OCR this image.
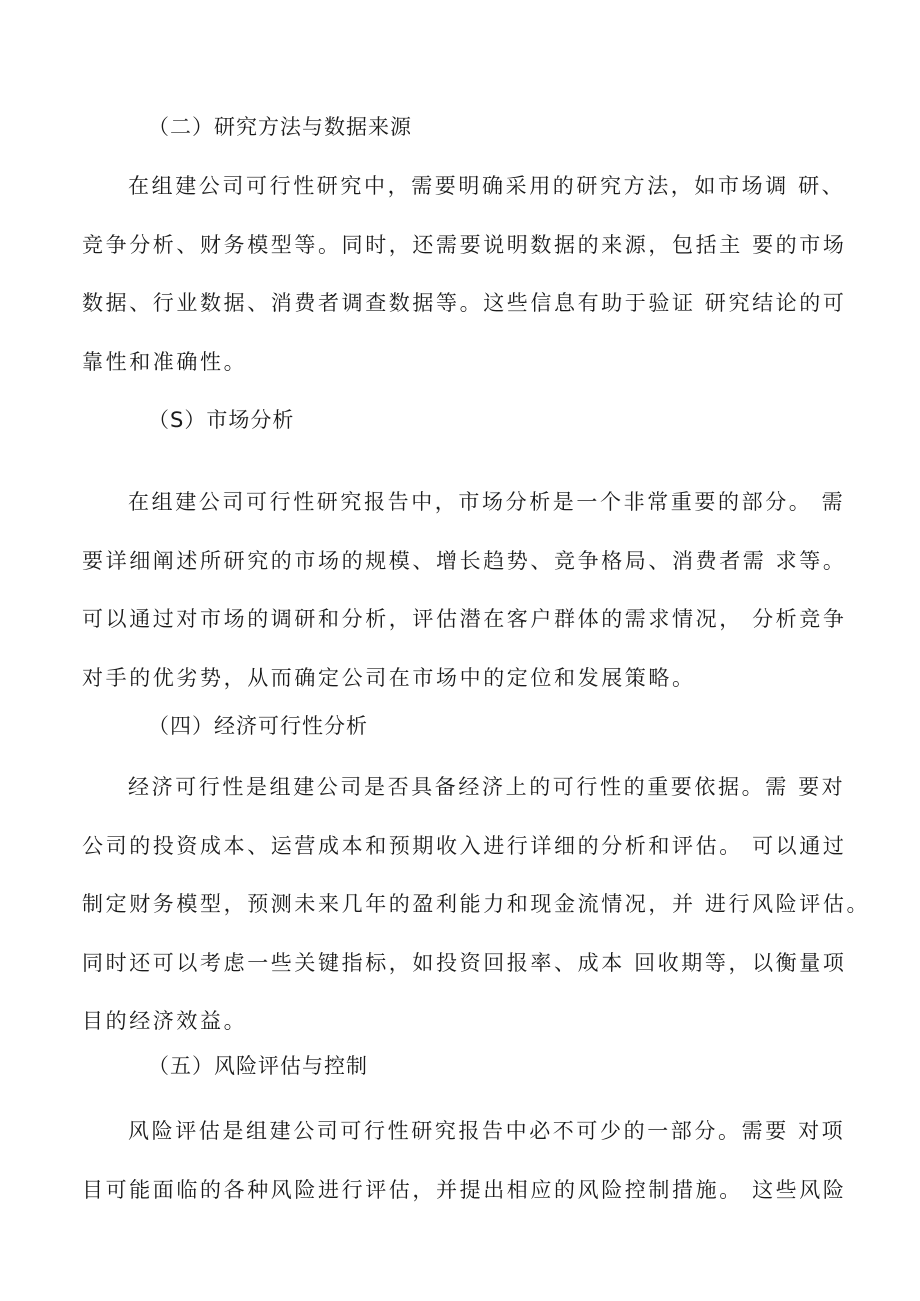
（二）研究方法与数据来源
在组建公司可行性研究中，需要明确采用的研究方法，如市场调 研、
竞争分析、财务模型等。同时，还需要说明数据的来源，包括主 要的市场
数据、行业数据、消费者调查数据等。这些信息有助于验证 研究结论的可
靠性和准确性。
（S）市场分析
在组建公司可行性研究报告中，市场分析是一个非常重要的部分。 需
要详细阐述所研究的市场的规模、增长趋势、竞争格局、消费者需 求等。
可以通过对市场的调研和分析，评估潜在客户群体的需求情况， 分析竞争
对手的优劣势，从而确定公司在市场中的定位和发展策略。
（四）经济可行性分析
经济可行性是组建公司是否具备经济上的可行性的重要依据。需 要对
公司的投资成本、运营成本和预期收入进行详细的分析和评估。 可以通过
制定财务模型，预测未来几年的盈利能力和现金流情况，并 进行风险评估。
同时还可以考虑一些关键指标，如投资回报率、成本 回收期等，以衡量项
目的经济效益。
（五）风险评估与控制
风险评估是组建公司可行性研究报告中必不可少的一部分。需要 对项
目可能面临的各种风险进行评估，并提出相应的风险控制措施。 这些风险
